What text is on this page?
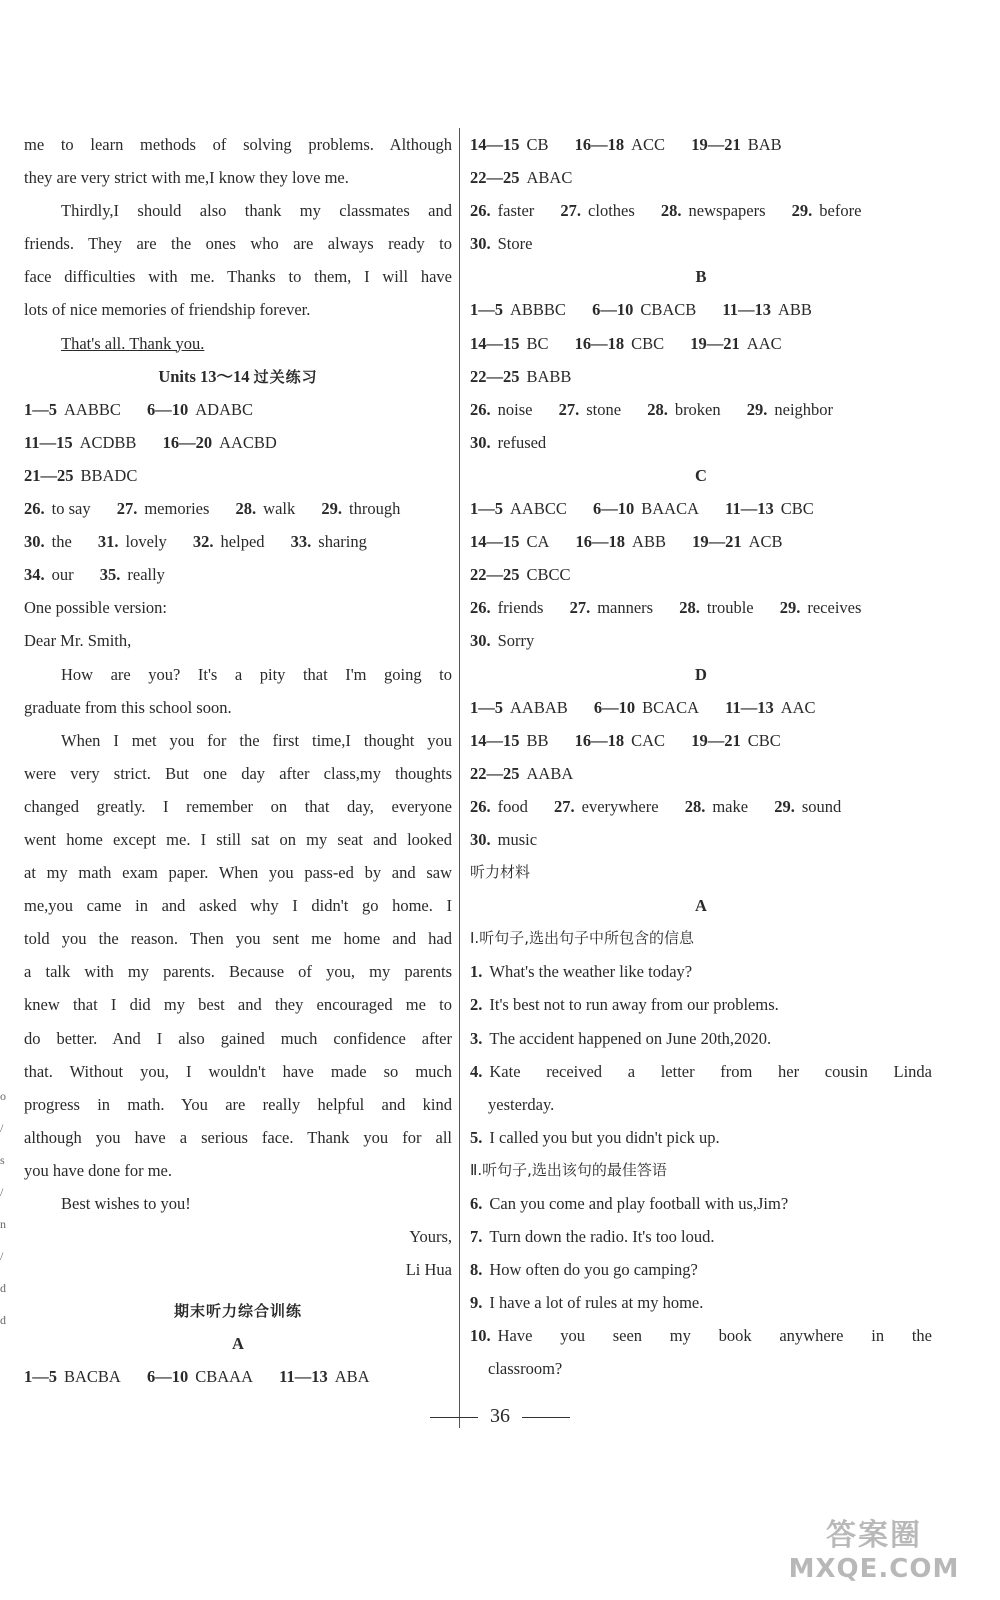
o
/
s
/
n
/
d
d
me to learn methods of solving problems. Although
they are very strict with me,I know they love me.
Thirdly,I should also thank my classmates and
friends. They are the ones who are always ready to
face difficulties with me. Thanks to them, I will have
lots of nice memories of friendship forever.
That's all. Thank you.
Units 13～14 过关练习
1—5 AABBC 6—10 ADABC
11—15 ACDBB 16—20 AACBD
21—25 BBADC
26. to say 27. memories 28. walk 29. through
30. the 31. lovely 32. helped 33. sharing
34. our 35. really
One possible version:
Dear Mr. Smith,
How are you? It's a pity that I'm going to
graduate from this school soon.
When I met you for the first time,I thought you
were very strict. But one day after class,my thoughts
changed greatly. I remember on that day, everyone
went home except me. I still sat on my seat and looked
at my math exam paper. When you pass-ed by and saw
me,you came in and asked why I didn't go home. I
told you the reason. Then you sent me home and had
a talk with my parents. Because of you, my parents
knew that I did my best and they encouraged me to
do better. And I also gained much confidence after
that. Without you, I wouldn't have made so much
progress in math. You are really helpful and kind
although you have a serious face. Thank you for all
you have done for me.
Best wishes to you!
Yours,
Li Hua
期末听力综合训练
A
1—5 BACBA 6—10 CBAAA 11—13 ABA
14—15 CB 16—18 ACC 19—21 BAB
22—25 ABAC
26. faster 27. clothes 28. newspapers 29. before
30. Store
B
1—5 ABBBC 6—10 CBACB 11—13 ABB
14—15 BC 16—18 CBC 19—21 AAC
22—25 BABB
26. noise 27. stone 28. broken 29. neighbor
30. refused
C
1—5 AABCC 6—10 BAACA 11—13 CBC
14—15 CA 16—18 ABB 19—21 ACB
22—25 CBCC
26. friends 27. manners 28. trouble 29. receives
30. Sorry
D
1—5 AABAB 6—10 BCACA 11—13 AAC
14—15 BB 16—18 CAC 19—21 CBC
22—25 AABA
26. food 27. everywhere 28. make 29. sound
30. music
听力材料
A
Ⅰ.听句子,选出句子中所包含的信息
1. What's the weather like today?
2. It's best not to run away from our problems.
3. The accident happened on June 20th,2020.
4. Kate received a letter from her cousin Linda
yesterday.
5. I called you but you didn't pick up.
Ⅱ.听句子,选出该句的最佳答语
6. Can you come and play football with us,Jim?
7. Turn down the radio. It's too loud.
8. How often do you go camping?
9. I have a lot of rules at my home.
10. Have you seen my book anywhere in the
classroom?
36
答案圈
MXQE.COM
